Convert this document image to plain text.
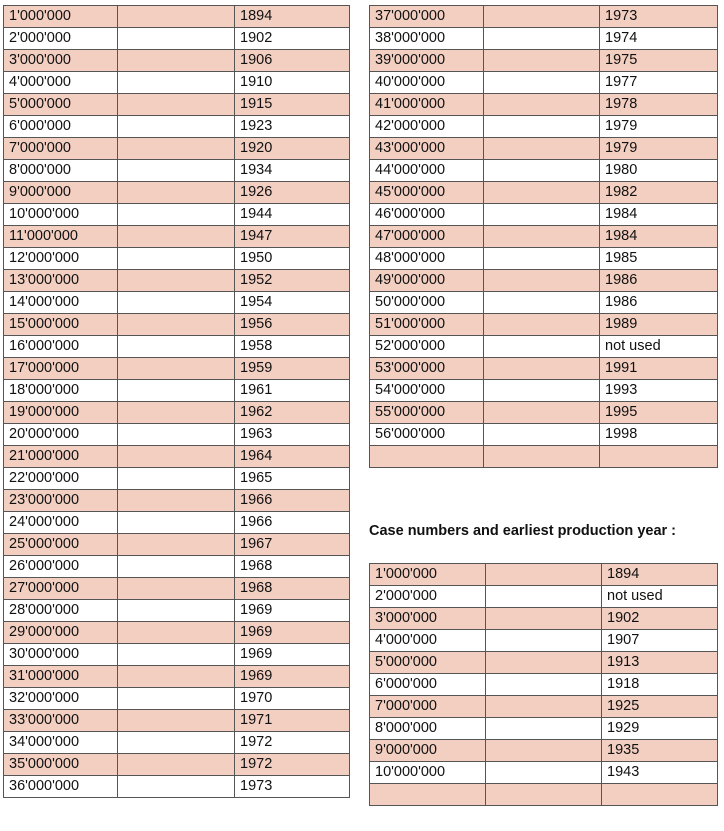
1'000'000		1894
2'000'000		1902
3'000'000		1906
4'000'000		1910
5'000'000		1915
6'000'000		1923
7'000'000		1920
8'000'000		1934
9'000'000		1926
10'000'000		1944
11'000'000		1947
12'000'000		1950
13'000'000		1952
14'000'000		1954
15'000'000		1956
16'000'000		1958
17'000'000		1959
18'000'000		1961
19'000'000		1962
20'000'000		1963
21'000'000		1964
22'000'000		1965
23'000'000		1966
24'000'000		1966
25'000'000		1967
26'000'000		1968
27'000'000		1968
28'000'000		1969
29'000'000		1969
30'000'000		1969
31'000'000		1969
32'000'000		1970
33'000'000		1971
34'000'000		1972
35'000'000		1972
36'000'000		1973
37'000'000		1973
38'000'000		1974
39'000'000		1975
40'000'000		1977
41'000'000		1978
42'000'000		1979
43'000'000		1979
44'000'000		1980
45'000'000		1982
46'000'000		1984
47'000'000		1984
48'000'000		1985
49'000'000		1986
50'000'000		1986
51'000'000		1989
52'000'000		not used
53'000'000		1991
54'000'000		1993
55'000'000		1995
56'000'000		1998

Case numbers and earliest production year :
1'000'000		1894
2'000'000		not used
3'000'000		1902
4'000'000		1907
5'000'000		1913
6'000'000		1918
7'000'000		1925
8'000'000		1929
9'000'000		1935
10'000'000		1943
